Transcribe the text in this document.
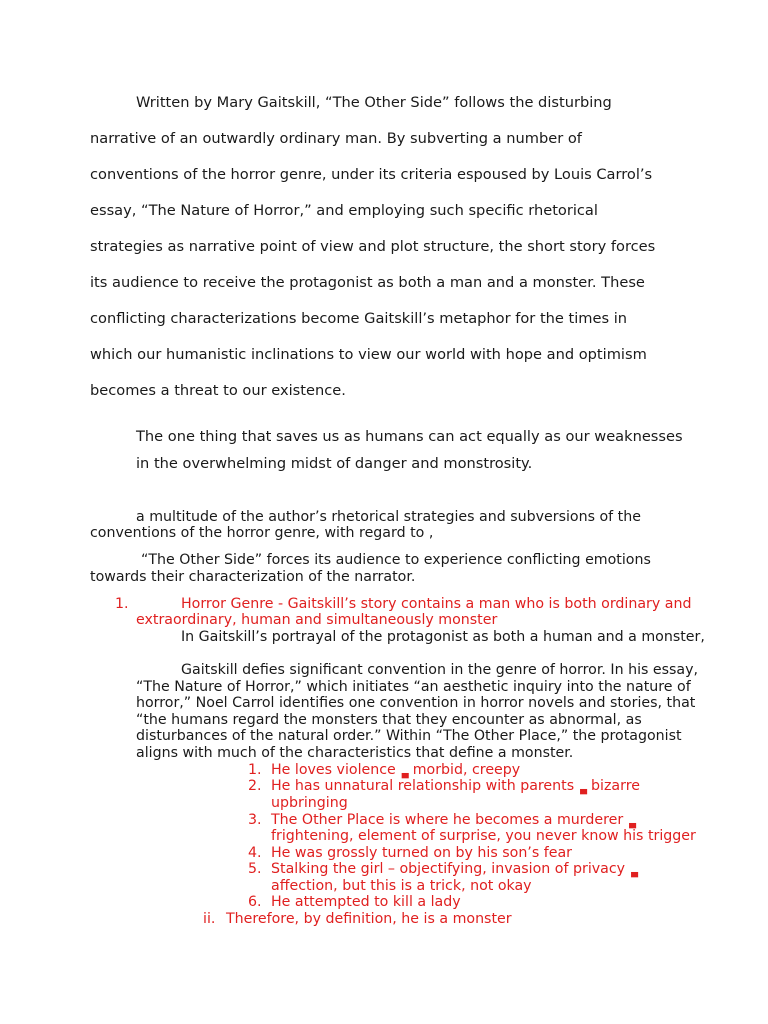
Written by Mary Gaitskill, “The Other Side” follows the disturbing
narrative of an outwardly ordinary man. By subverting a number of
conventions of the horror genre, under its criteria espoused by Louis Carrol’s
essay, “The Nature of Horror,” and employing such specific rhetorical
strategies as narrative point of view and plot structure, the short story forces
its audience to receive the protagonist as both a man and a monster. These
conflicting characterizations become Gaitskill’s metaphor for the times in
which our humanistic inclinations to view our world with hope and optimism
becomes a threat to our existence.
The one thing that saves us as humans can act equally as our weaknesses
in the overwhelming midst of danger and monstrosity.
a multitude of the author’s rhetorical strategies and subversions of the
conventions of the horror genre, with regard to ,
“The Other Side” forces its audience to experience conflicting emotions
towards their characterization of the narrator.
1.	Horror Genre - Gaitskill’s story contains a man who is both ordinary and
extraordinary, human and simultaneously monster
In Gaitskill’s portrayal of the protagonist as both a human and a monster,
Gaitskill defies significant convention in the genre of horror. In his essay,
“The Nature of Horror,” which initiates “an aesthetic inquiry into the nature of
horror,” Noel Carrol identifies one convention in horror novels and stories, that
“the humans regard the monsters that they encounter as abnormal, as
disturbances of the natural order.” Within “The Other Place,” the protagonist
aligns with much of the characteristics that define a monster.
1. He loves violence ▄ morbid, creepy
2. He has unnatural relationship with parents ▄ bizarre
upbringing
3. The Other Place is where he becomes a murderer ▄
frightening, element of surprise, you never know his trigger
4. He was grossly turned on by his son’s fear
5. Stalking the girl – objectifying, invasion of privacy ▄
affection, but this is a trick, not okay
6. He attempted to kill a lady
ii. Therefore, by definition, he is a monster
